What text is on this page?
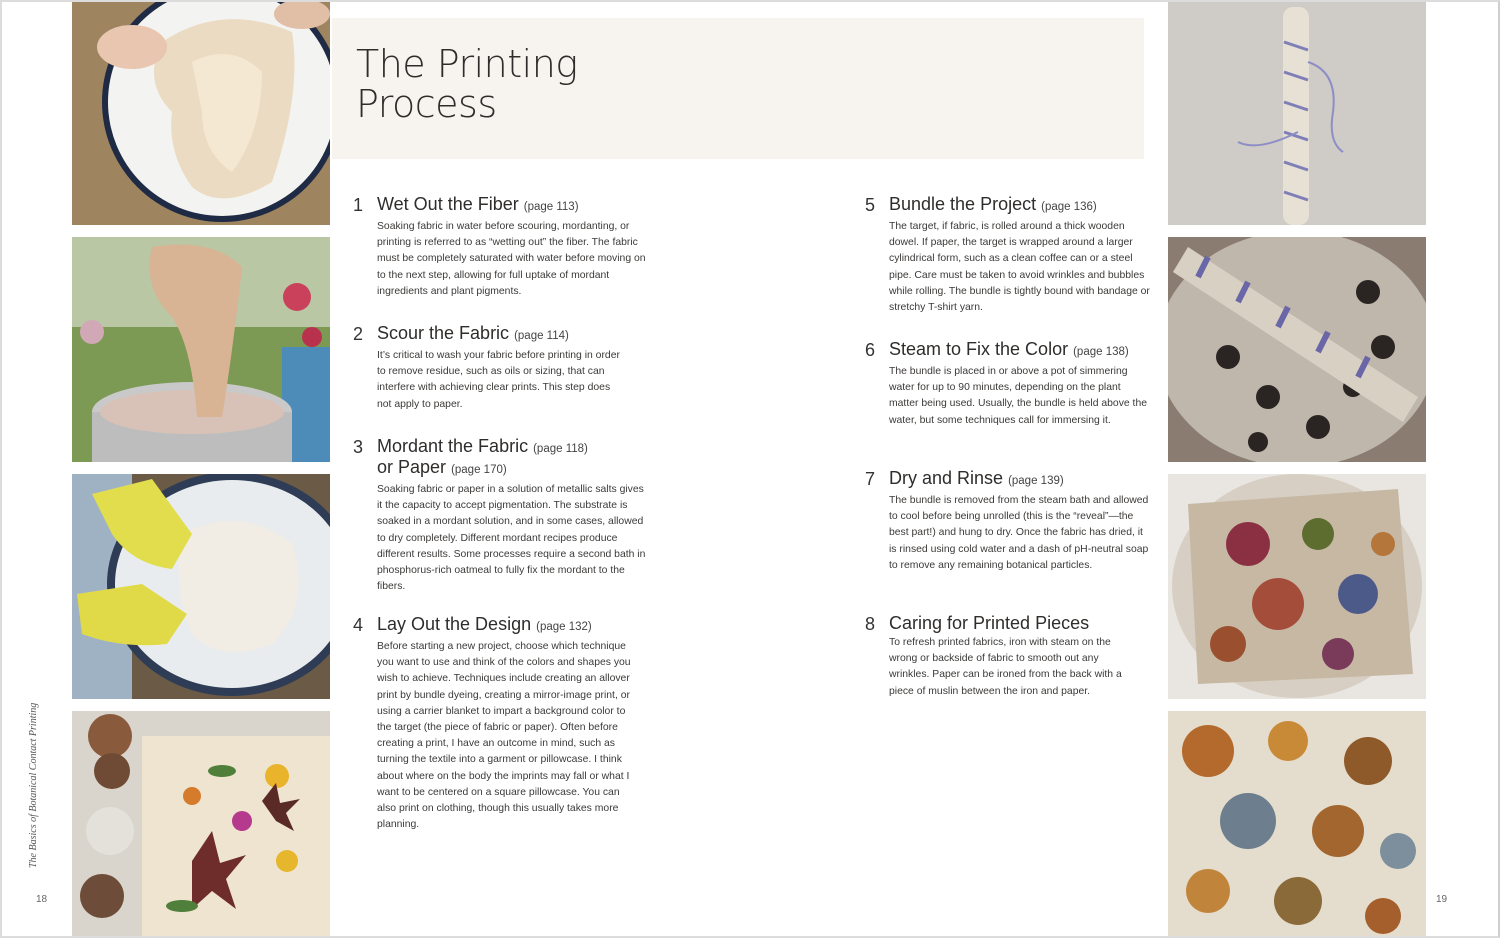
The Basics of Botanical Contact Printing
18	19
The Printing
Process
1 Wet Out the Fiber (page 113)
Soaking fabric in water before scouring, mordanting, or printing is referred to as “wetting out” the fiber. The fabric must be completely saturated with water before moving on to the next step, allowing for full uptake of mordant ingredients and plant pigments.
2 Scour the Fabric (page 114)
It’s critical to wash your fabric before printing in order to remove residue, such as oils or sizing, that can interfere with achieving clear prints. This step does not apply to paper.
3 Mordant the Fabric (page 118)
or Paper (page 170)
Soaking fabric or paper in a solution of metallic salts gives it the capacity to accept pigmentation. The substrate is soaked in a mordant solution, and in some cases, allowed to dry completely. Different mordant recipes produce different results. Some processes require a second bath in phosphorus-rich oatmeal to fully fix the mordant to the fibers.
4 Lay Out the Design (page 132)
Before starting a new project, choose which technique you want to use and think of the colors and shapes you wish to achieve. Techniques include creating an allover print by bundle dyeing, creating a mirror-image print, or using a carrier blanket to impart a background color to the target (the piece of fabric or paper). Often before creating a print, I have an outcome in mind, such as turning the textile into a garment or pillowcase. I think about where on the body the imprints may fall or what I want to be centered on a square pillowcase. You can also print on clothing, though this usually takes more planning.
5 Bundle the Project (page 136)
The target, if fabric, is rolled around a thick wooden dowel. If paper, the target is wrapped around a larger cylindrical form, such as a clean coffee can or a steel pipe. Care must be taken to avoid wrinkles and bubbles while rolling. The bundle is tightly bound with bandage or stretchy T-shirt yarn.
6 Steam to Fix the Color (page 138)
The bundle is placed in or above a pot of simmering water for up to 90 minutes, depending on the plant matter being used. Usually, the bundle is held above the water, but some techniques call for immersing it.
7 Dry and Rinse (page 139)
The bundle is removed from the steam bath and allowed to cool before being unrolled (this is the “reveal”—the best part!) and hung to dry. Once the fabric has dried, it is rinsed using cold water and a dash of pH-neutral soap to remove any remaining botanical particles.
8 Caring for Printed Pieces
To refresh printed fabrics, iron with steam on the wrong or backside of fabric to smooth out any wrinkles. Paper can be ironed from the back with a piece of muslin between the iron and paper.
